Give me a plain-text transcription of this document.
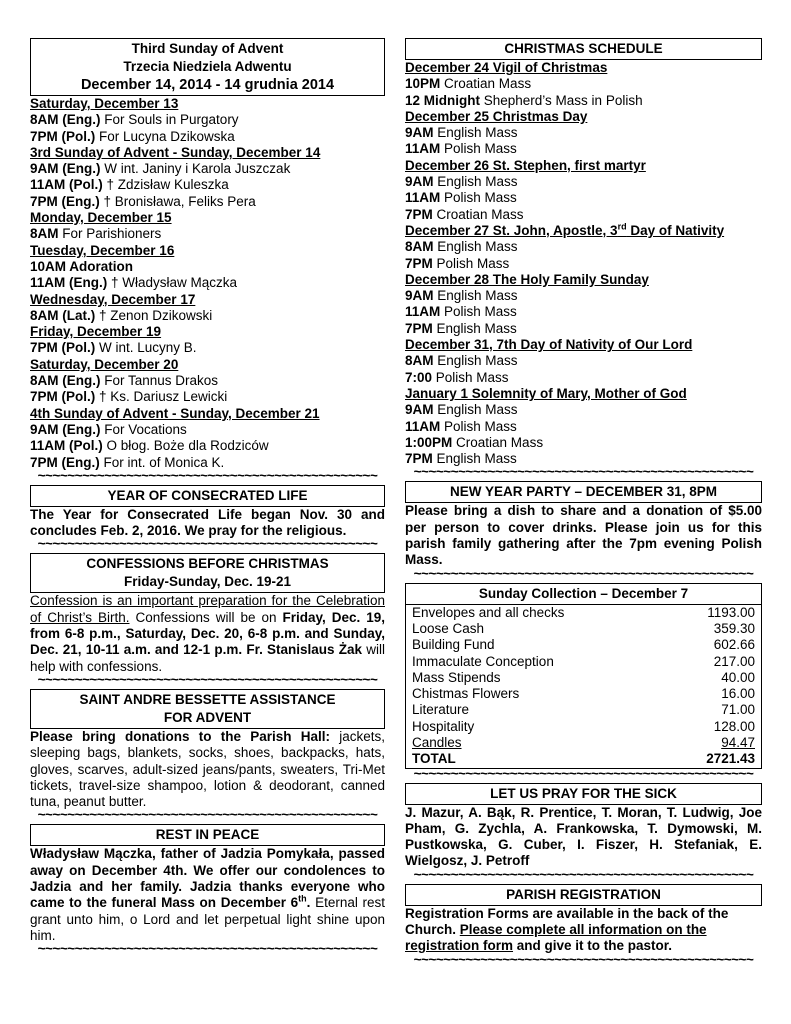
Third Sunday of Advent
Trzecia Niedziela Adwentu
December 14, 2014 - 14 grudnia 2014
Saturday, December 13
8AM (Eng.) For Souls in Purgatory
7PM (Pol.) For Lucyna Dzikowska
3rd Sunday of Advent - Sunday, December 14
9AM (Eng.) W int. Janiny i Karola Juszczak
11AM (Pol.) † Zdzisław Kuleszka
7PM (Eng.) † Bronisława, Feliks Pera
Monday, December 15
8AM For Parishioners
Tuesday, December 16
10AM Adoration
11AM (Eng.) † Władysław Mączka
Wednesday, December 17
8AM (Lat.) † Zenon Dzikowski
Friday, December 19
7PM (Pol.) W int. Lucyny B.
Saturday, December 20
8AM (Eng.) For Tannus Drakos
7PM (Pol.) † Ks. Dariusz Lewicki
4th Sunday of Advent - Sunday, December 21
9AM (Eng.) For Vocations
11AM (Pol.) O błog. Boże dla Rodziców
7PM (Eng.) For int. of Monica K.
~~~~~~~~~~~~~~~~~~~~~~~~~~~~~~~~~~~~~~~~~~~~~~
YEAR OF CONSECRATED LIFE

The Year for Consecrated Life began Nov. 30 and concludes Feb. 2, 2016. We pray for the religious.

~~~~~~~~~~~~~~~~~~~~~~~~~~~~~~~~~~~~~~~~~~~~~~
CONFESSIONS BEFORE CHRISTMAS
Friday-Sunday, Dec. 19-21

Confession is an important preparation for the Celebration of Christ’s Birth. Confessions will be on Friday, Dec. 19, from 6-8 p.m., Saturday, Dec. 20, 6-8 p.m. and Sunday, Dec. 21, 10-11 a.m. and 12-1 p.m. Fr. Stanislaus Żak will help with confessions.

~~~~~~~~~~~~~~~~~~~~~~~~~~~~~~~~~~~~~~~~~~~~~~
SAINT ANDRE BESSETTE ASSISTANCE
FOR ADVENT

Please bring donations to the Parish Hall: jackets, sleeping bags, blankets, socks, shoes, backpacks, hats, gloves, scarves, adult-sized jeans/pants, sweaters, Tri-Met tickets, travel-size shampoo, lotion & deodorant, canned tuna, peanut butter.

~~~~~~~~~~~~~~~~~~~~~~~~~~~~~~~~~~~~~~~~~~~~~~
REST IN PEACE

Władysław Mączka, father of Jadzia Pomykała, passed away on December 4th. We offer our condolences to Jadzia and her family. Jadzia thanks everyone who came to the funeral Mass on December 6th. Eternal rest grant unto him, o Lord and let perpetual light shine upon him.

~~~~~~~~~~~~~~~~~~~~~~~~~~~~~~~~~~~~~~~~~~~~~~
CHRISTMAS SCHEDULE
December 24 Vigil of Christmas
10PM Croatian Mass
12 Midnight Shepherd’s Mass in Polish
December 25 Christmas Day
9AM English Mass
11AM Polish Mass
December 26 St. Stephen, first martyr
9AM English Mass
11AM Polish Mass
7PM Croatian Mass
December 27 St. John, Apostle, 3rd Day of Nativity
8AM English Mass
7PM Polish Mass
December 28 The Holy Family Sunday
9AM English Mass
11AM Polish Mass
7PM English Mass
December 31, 7th Day of Nativity of Our Lord
8AM English Mass
7:00 Polish Mass
January 1 Solemnity of Mary, Mother of God
9AM English Mass
11AM Polish Mass
1:00PM Croatian Mass
7PM English Mass
~~~~~~~~~~~~~~~~~~~~~~~~~~~~~~~~~~~~~~~~~~~~~~
NEW YEAR PARTY – DECEMBER 31, 8PM

Please bring a dish to share and a donation of $5.00 per person to cover drinks. Please join us for this parish family gathering after the 7pm evening Polish Mass.

~~~~~~~~~~~~~~~~~~~~~~~~~~~~~~~~~~~~~~~~~~~~~~
Sunday Collection – December 7
Envelopes and all checks	1193.00
Loose Cash	359.30
Building Fund	602.66
Immaculate Conception	217.00
Mass Stipends	40.00
Chistmas Flowers	16.00
Literature	71.00
Hospitality	128.00
Candles	94.47
TOTAL	2721.43
~~~~~~~~~~~~~~~~~~~~~~~~~~~~~~~~~~~~~~~~~~~~~~
LET US PRAY FOR THE SICK

J. Mazur, A. Bąk, R. Prentice, T. Moran, T. Ludwig, Joe Pham, G. Zychla, A. Frankowska, T. Dymowski, M. Pustkowska, G. Cuber, I. Fiszer, H. Stefaniak, E. Wielgosz, J. Petroff

~~~~~~~~~~~~~~~~~~~~~~~~~~~~~~~~~~~~~~~~~~~~~~
PARISH REGISTRATION

Registration Forms are available in the back of the Church. Please complete all information on the registration form and give it to the pastor.

~~~~~~~~~~~~~~~~~~~~~~~~~~~~~~~~~~~~~~~~~~~~~~
